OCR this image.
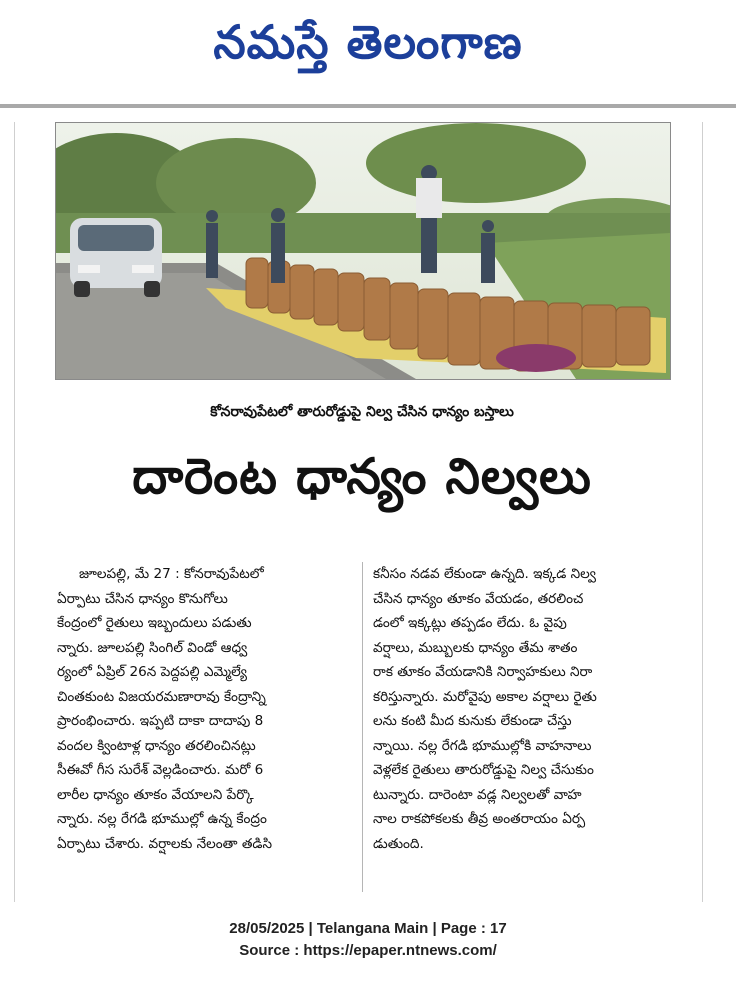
నమస్తే తెలంగాణ
కోనరావుపేటలో తారురోడ్డుపై నిల్వ చేసిన ధాన్యం బస్తాలు
దారెంట ధాన్యం నిల్వలు
జూలపల్లి, మే 27 : కోనరావుపేటలో
ఏర్పాటు చేసిన ధాన్యం కొనుగోలు
కేంద్రంలో రైతులు ఇబ్బందులు పడుతు
న్నారు. జూలపల్లి సింగిల్ విండో ఆధ్వ
ర్యంలో ఏప్రిల్ 26న పెద్దపల్లి ఎమ్మెల్యే
చింతకుంట విజయరమణారావు కేంద్రాన్ని
ప్రారంభించారు. ఇప్పటి దాకా దాదాపు 8
వందల క్వింటాళ్ల ధాన్యం తరలించినట్లు
సీఈవో గీస సురేశ్ వెల్లడించారు. మరో 6
లారీల ధాన్యం తూకం వేయాలని పేర్కొ
న్నారు. నల్ల రేగడి భూముల్లో ఉన్న కేంద్రం
ఏర్పాటు చేశారు. వర్షాలకు నేలంతా తడిసి
కనీసం నడవ లేకుండా ఉన్నది. ఇక్కడ నిల్వ
చేసిన ధాన్యం తూకం వేయడం, తరలించ
డంలో ఇక్కట్లు తప్పడం లేదు. ఓ వైపు
వర్షాలు, మబ్బులకు ధాన్యం తేమ శాతం
రాక తూకం వేయడానికి నిర్వాహకులు నిరా
కరిస్తున్నారు. మరోవైపు అకాల వర్షాలు రైతు
లను కంటి మీద కునుకు లేకుండా చేస్తు
న్నాయి. నల్ల రేగడి భూముల్లోకి వాహనాలు
వెళ్లలేక రైతులు తారురోడ్డుపై నిల్వ చేసుకుం
టున్నారు. దారెంటా వడ్ల నిల్వలతో వాహ
నాల రాకపోకలకు తీవ్ర అంతరాయం ఏర్ప
డుతుంది.
28/05/2025 | Telangana Main | Page : 17
Source : https://epaper.ntnews.com/
